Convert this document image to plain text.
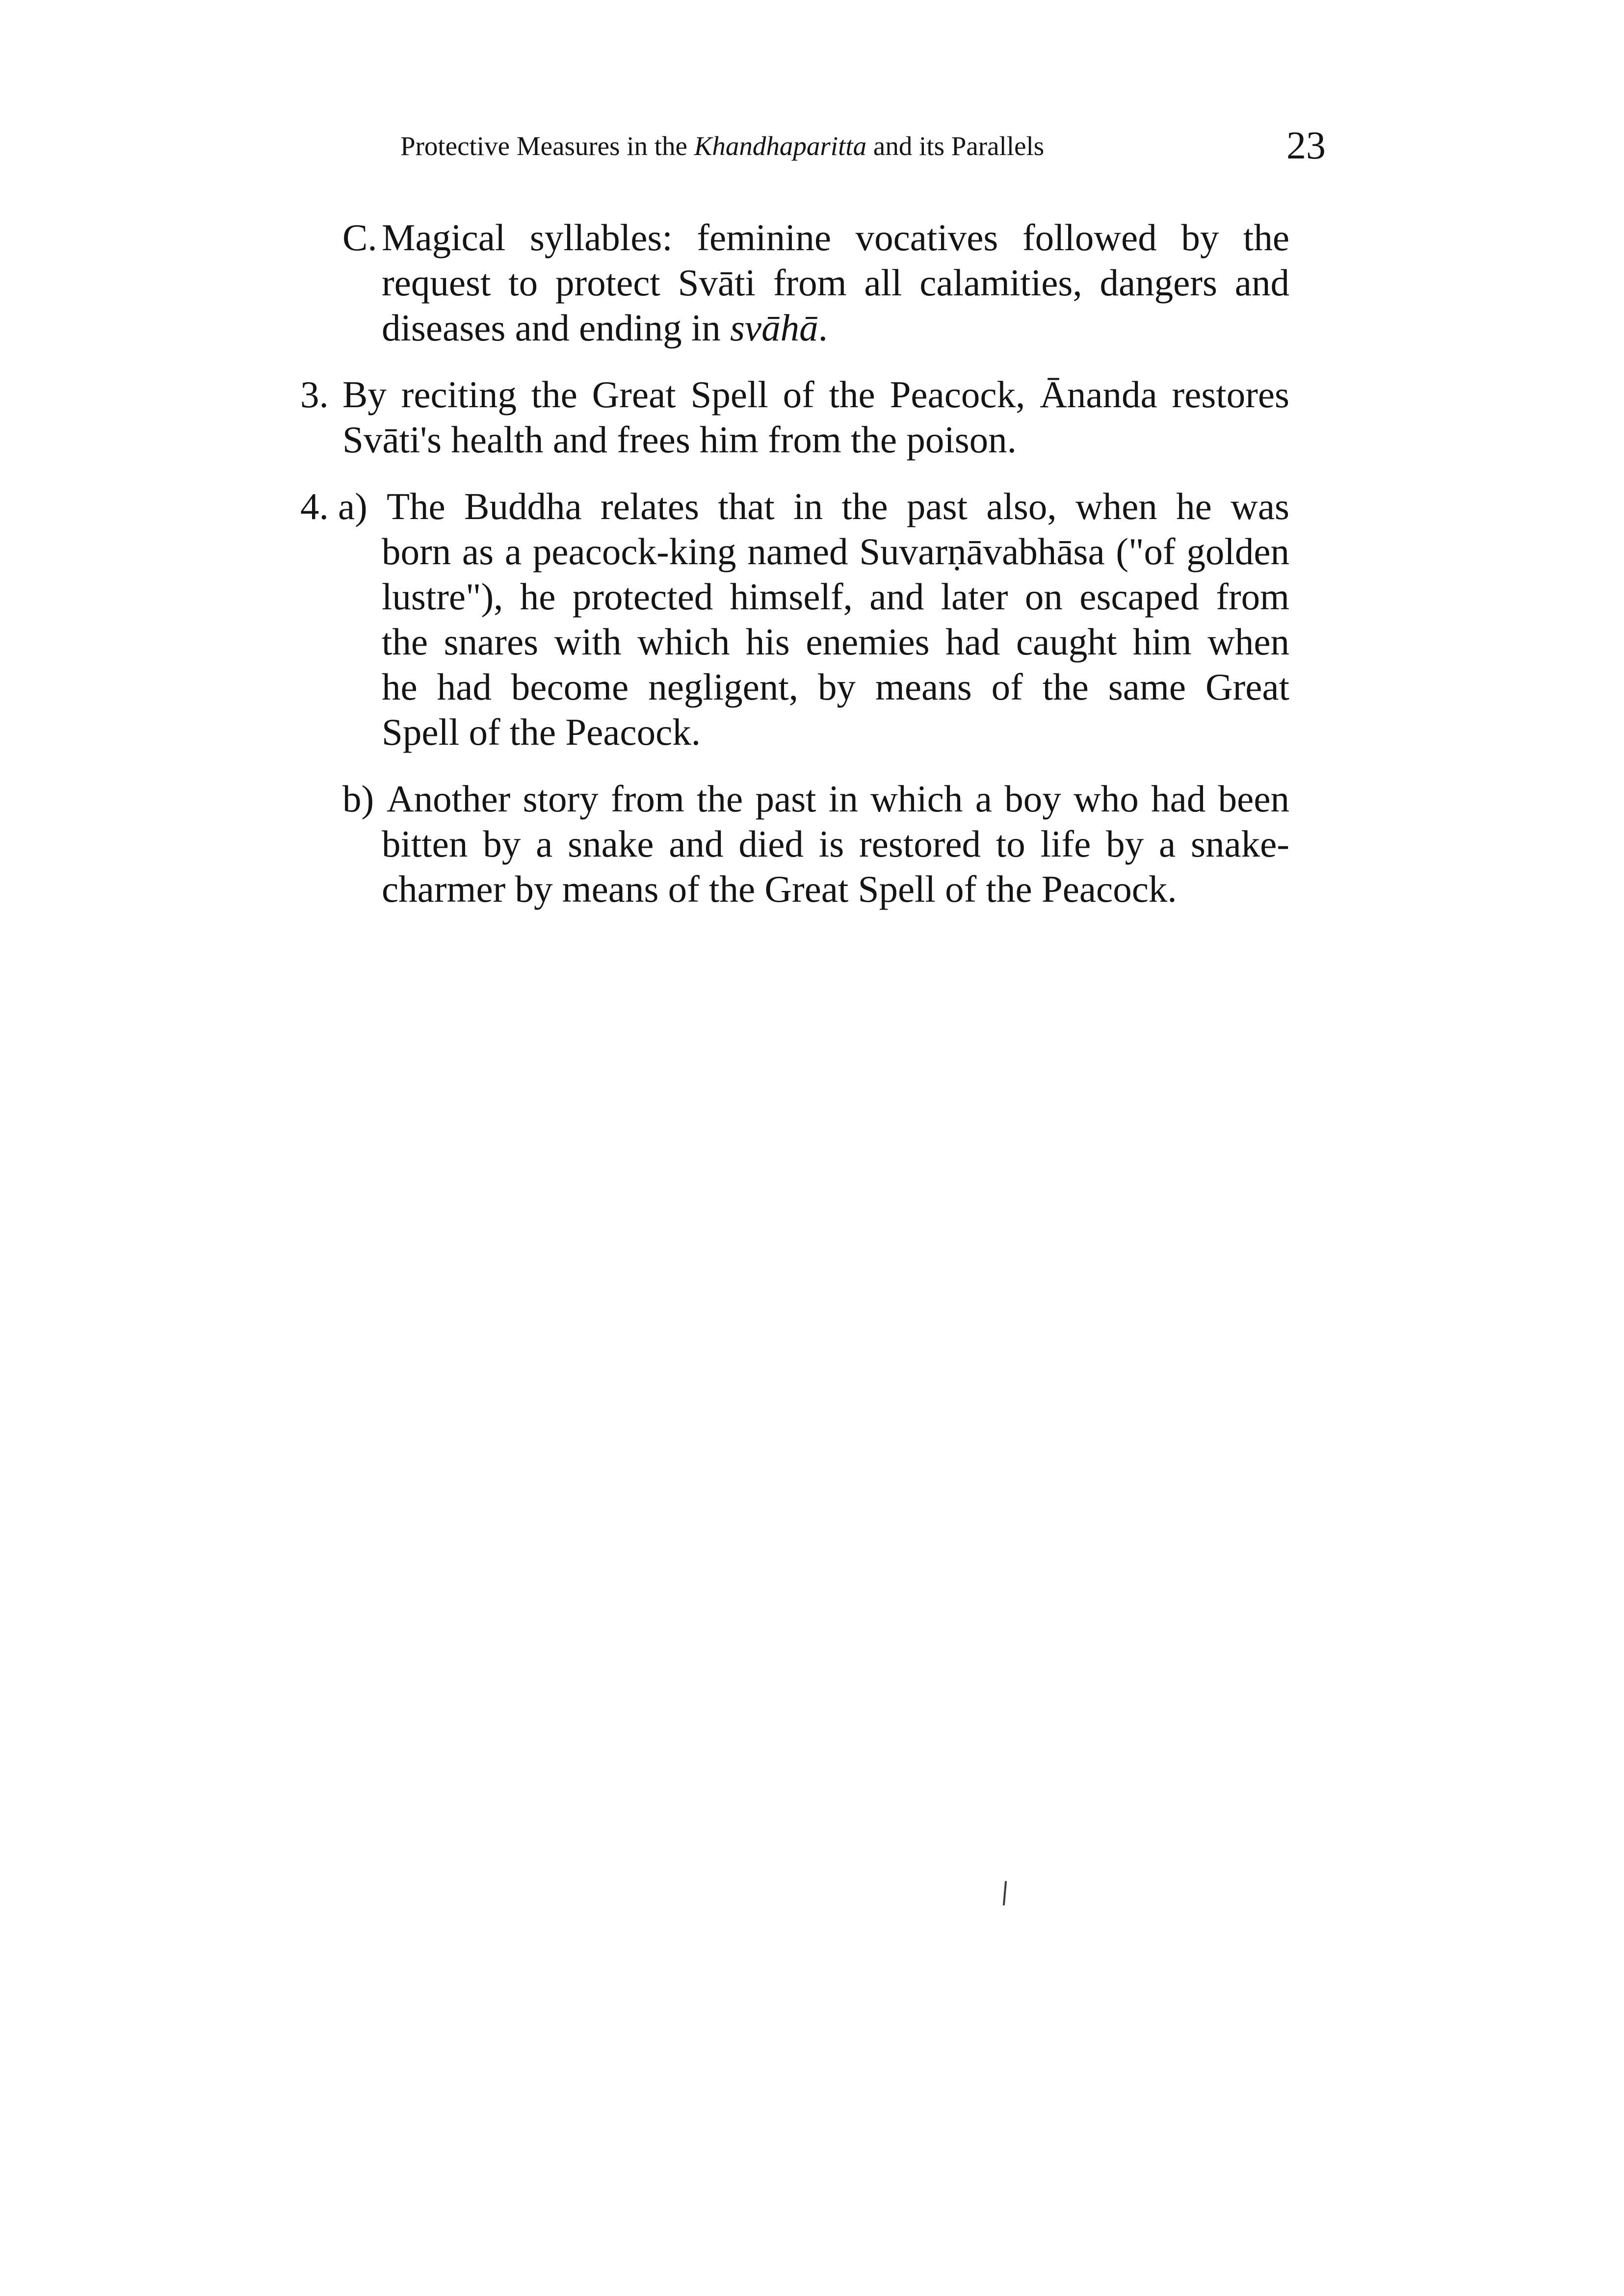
Protective Measures in the Khandhaparitta and its Parallels	23
C. Magical syllables: feminine vocatives followed by the
request to protect Svāti from all calamities, dangers and
diseases and ending in svāhā.
3. By reciting the Great Spell of the Peacock, Ānanda restores
Svāti's health and frees him from the poison.
4. a) The Buddha relates that in the past also, when he was
born as a peacock-king named Suvarṇāvabhāsa ("of golden
lustre"), he protected himself, and later on escaped from
the snares with which his enemies had caught him when
he had become negligent, by means of the same Great
Spell of the Peacock.
b) Another story from the past in which a boy who had been
bitten by a snake and died is restored to life by a snake-
charmer by means of the Great Spell of the Peacock.
